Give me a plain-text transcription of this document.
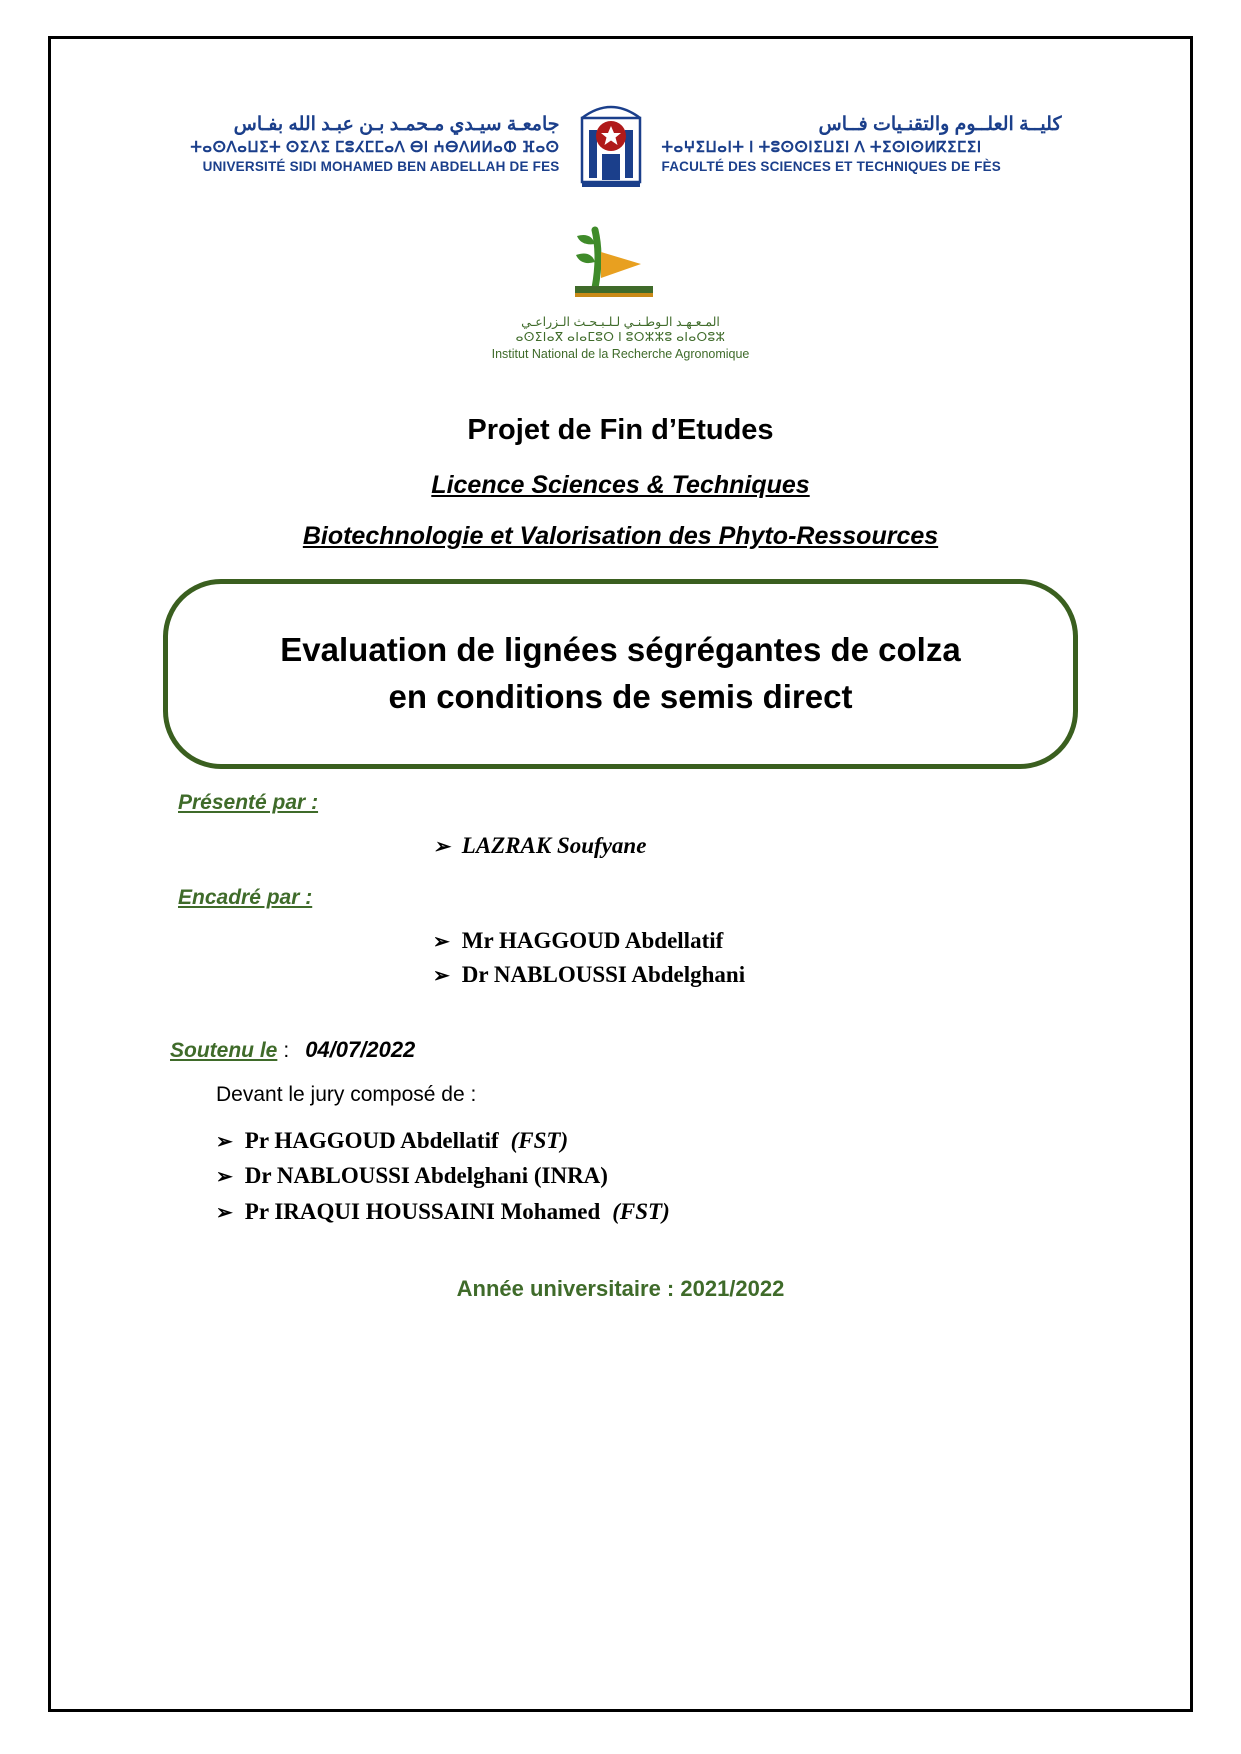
جامعـة سيـدي مـحمـد بـن عبـد الله بفـاس
ⵜⴰⵙⴷⴰⵡⵉⵜ ⵙⵉⴷⵉ ⵎⵓⵃⵎⵎⴰⴷ ⴱⵏ ⵄⴱⴷⵍⵍⴰⵀ ⴼⴰⵙ
UNIVERSITÉ SIDI MOHAMED BEN ABDELLAH DE FES
كليــة العلــوم والتقنـيات فــاس
ⵜⴰⵖⵉⵡⴰⵏⵜ ⵏ ⵜⵓⵙⵙⵏⵉⵡⵉⵏ ⴷ ⵜⵉⵙⵏⵙⵍⴽⵉⵎⵉⵏ
FACULTÉ DES SCIENCES ET TECHNIQUES DE FÈS
المـعـهـد الـوطـنـي لـلـبـحـث الـزراعـي
ⴰⵙⵉⵏⴰⴳ ⴰⵏⴰⵎⵓⵔ ⵏ ⵓⵔⵣⵣⵓ ⴰⵏⴰⵔⵓⵣ
Institut National de la Recherche Agronomique
Projet de Fin d’Etudes
Licence Sciences & Techniques
Biotechnologie et Valorisation des Phyto-Ressources
Evaluation de lignées ségrégantes de colza
en conditions de semis direct
Présenté par :
➢ LAZRAK Soufyane
Encadré par :
➢ Mr HAGGOUD Abdellatif
➢ Dr NABLOUSSI Abdelghani
Soutenu le : 04/07/2022
Devant le jury composé de :
➢ Pr HAGGOUD Abdellatif (FST)
➢ Dr NABLOUSSI Abdelghani (INRA)
➢ Pr IRAQUI HOUSSAINI Mohamed (FST)
Année universitaire : 2021/2022
